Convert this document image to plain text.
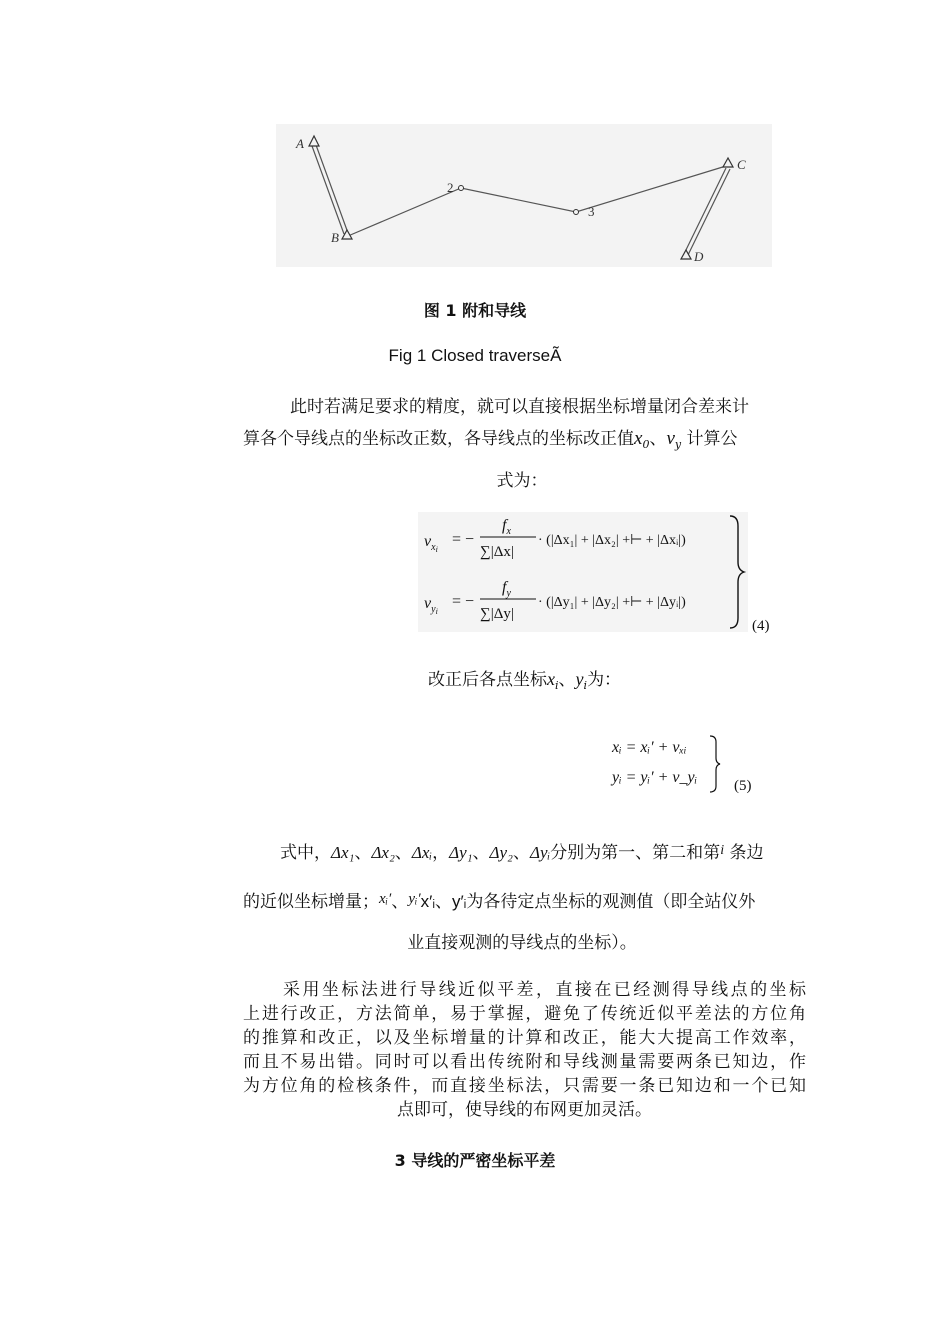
A
B
C
D
2
3
图 1 附和导线
Fig 1 Closed traverseÃ
此时若满足要求的精度，就可以直接根据坐标增量闭合差来计
算各个导线点的坐标改正数，各导线点的坐标改正值$x_0$、$v_y$ 计算公
式为：
$v_xi$
= −
$f_x$
∑|Δx|
· (|Δx₁| + |Δx₂| +⊢ + |Δxᵢ|)
$v_yi$
= −
$f_y$
∑|Δy|
· (|Δy₁| + |Δy₂| +⊢ + |Δyᵢ|)
(4)
改正后各点坐标$x_i$、$y_i$为：
xᵢ = xᵢ′ + vₓᵢ
yᵢ = yᵢ′ + v_yᵢ (5)
式中，Δx₁、Δx₂、Δxᵢ，Δy₁、Δy₂、Δyᵢ分别为第一、第二和第$^i$ 条边
的近似坐标增量；xᵢ′、yᵢ′x′ᵢ、y′ᵢ为各待定点坐标的观测值（即全站仪外
业直接观测的导线点的坐标）。
采用坐标法进行导线近似平差，直接在已经测得导线点的坐标
上进行改正，方法简单，易于掌握，避免了传统近似平差法的方位角
的推算和改正，以及坐标增量的计算和改正，能大大提高工作效率，
而且不易出错。同时可以看出传统附和导线测量需要两条已知边，作
为方位角的检核条件，而直接坐标法，只需要一条已知边和一个已知
点即可，使导线的布网更加灵活。
3 导线的严密坐标平差
